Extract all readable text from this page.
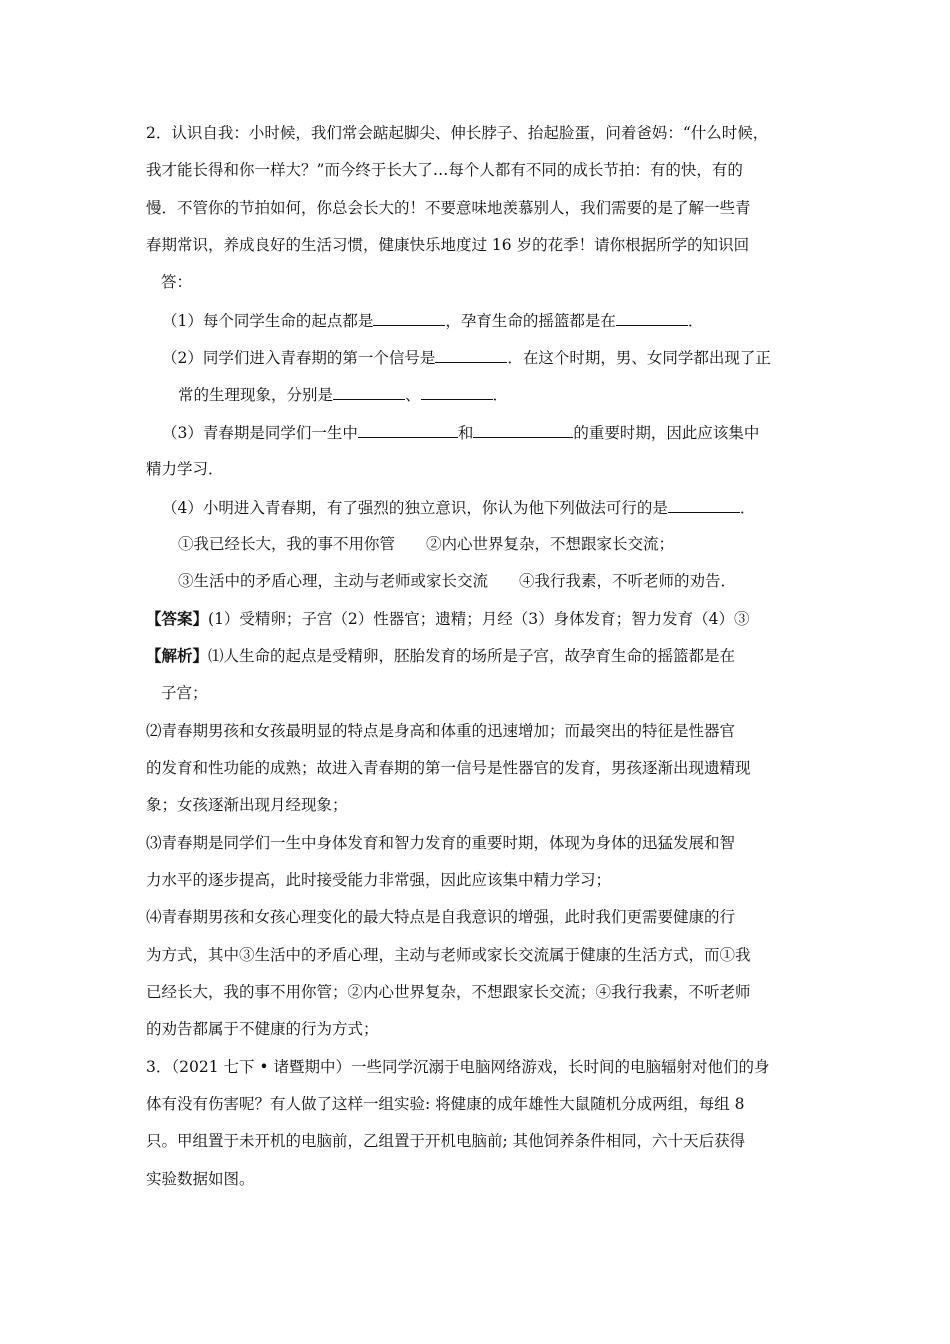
2．认识自我：小时候，我们常会踮起脚尖、伸长脖子、抬起脸蛋，问着爸妈：“什么时候，
我才能长得和你一样大？”而今终于长大了…每个人都有不同的成长节拍：有的快，有的
慢．不管你的节拍如何，你总会长大的！不要意味地羡慕别人，我们需要的是了解一些青
春期常识，养成良好的生活习惯，健康快乐地度过 16 岁的花季！请你根据所学的知识回
答：
（1）每个同学生命的起点都是	，孕育生命的摇篮都是在	．
（2）同学们进入青春期的第一个信号是	．在这个时期，男、女同学都出现了正
常的生理现象，分别是	、	．
（3）青春期是同学们一生中	和	的重要时期，因此应该集中
精力学习．
（4）小明进入青春期，有了强烈的独立意识，你认为他下列做法可行的是	．
①我已经长大，我的事不用你管　　②内心世界复杂，不想跟家长交流；
③生活中的矛盾心理，主动与老师或家长交流　　④我行我素，不听老师的劝告．
【答案】(1）受精卵；子宫（2）性器官；遗精；月经（3）身体发育；智力发育（4）③
【解析】⑴人生命的起点是受精卵，胚胎发育的场所是子宫，故孕育生命的摇篮都是在
子宫；
⑵青春期男孩和女孩最明显的特点是身高和体重的迅速增加；而最突出的特征是性器官
的发育和性功能的成熟；故进入青春期的第一信号是性器官的发育，男孩逐渐出现遗精现
象；女孩逐渐出现月经现象；
⑶青春期是同学们一生中身体发育和智力发育的重要时期，体现为身体的迅猛发展和智
力水平的逐步提高，此时接受能力非常强，因此应该集中精力学习；
⑷青春期男孩和女孩心理变化的最大特点是自我意识的增强，此时我们更需要健康的行
为方式，其中③生活中的矛盾心理，主动与老师或家长交流属于健康的生活方式，而①我
已经长大，我的事不用你管；②内心世界复杂，不想跟家长交流；④我行我素，不听老师
的劝告都属于不健康的行为方式；
3．（2021 七下 • 诸暨期中）一些同学沉溺于电脑网络游戏，长时间的电脑辐射对他们的身
体有没有伤害呢？有人做了这样一组实验: 将健康的成年雄性大鼠随机分成两组，每组 8
只。甲组置于未开机的电脑前，乙组置于开机电脑前; 其他饲养条件相同，六十天后获得
实验数据如图。
